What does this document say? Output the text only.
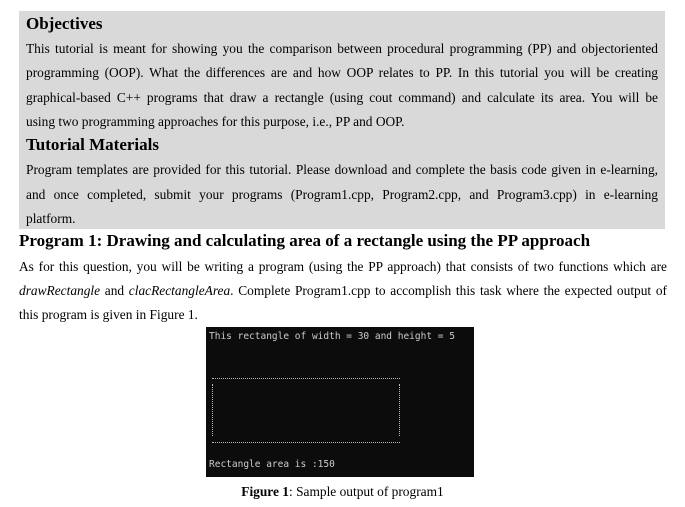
Objectives
This tutorial is meant for showing you the comparison between procedural programming (PP) and objectoriented
programming (OOP). What the differences are and how OOP relates to PP. In this tutorial you will be creating
graphical-based C++ programs that draw a rectangle (using cout command) and calculate its area. You will be
using two programming approaches for this purpose, i.e., PP and OOP.
Tutorial Materials
Program templates are provided for this tutorial. Please download and complete the basis code given in e-learning,
and once completed, submit your programs (Program1.cpp, Program2.cpp, and Program3.cpp) in e-learning
platform.
Program 1: Drawing and calculating area of a rectangle using the PP approach
As for this question, you will be writing a program (using the PP approach) that consists of two functions which are
drawRectangle and clacRectangleArea. Complete Program1.cpp to accomplish this task where the expected output of
this program is given in Figure 1.
This rectangle of width = 30 and height = 5
Rectangle area is :150
Figure 1: Sample output of program1
